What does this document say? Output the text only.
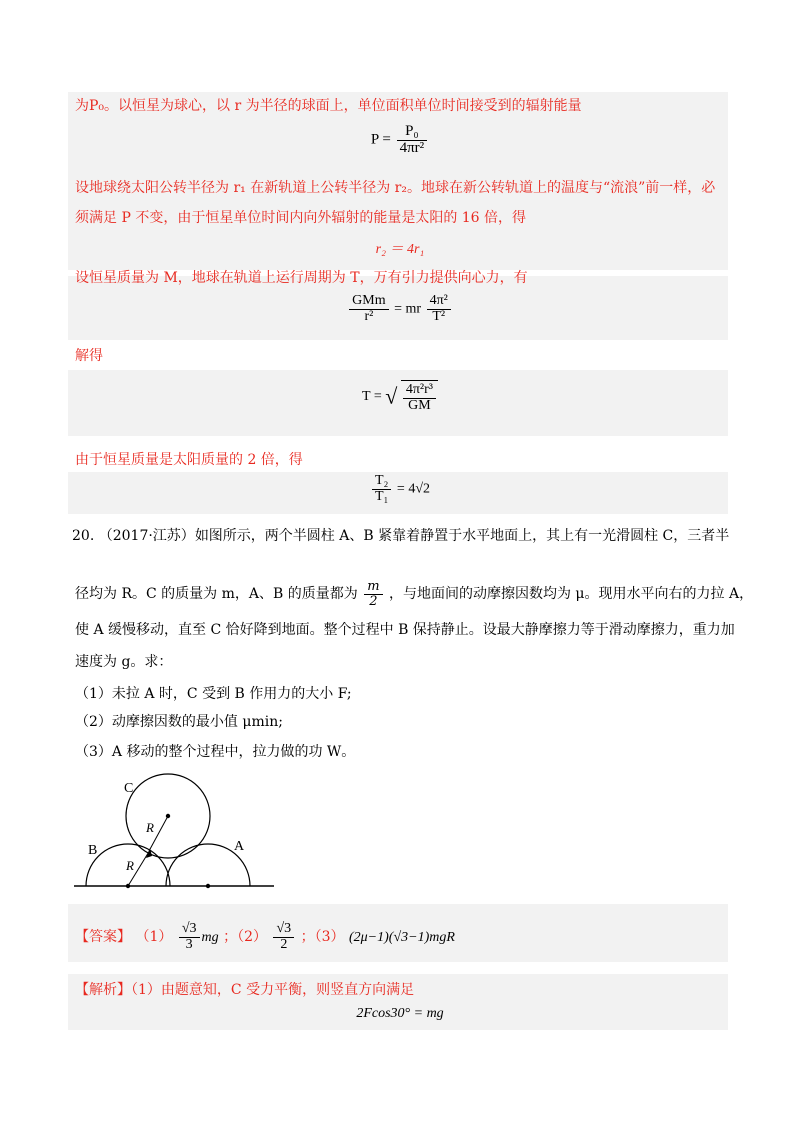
为P₀。以恒星为球心，以 r 为半径的球面上，单位面积单位时间接受到的辐射能量
$P = \frac{\text{P₀}}{\text{4πr²}}$
设地球绕太阳公转半径为 r₁ 在新轨道上公转半径为 r₂。地球在新公转轨道上的温度与“流浪”前一样，必
须满足 P 不变，由于恒星单位时间内向外辐射的能量是太阳的 16 倍，得
r₂ ＝ 4r₁
设恒星质量为 M，地球在轨道上运行周期为 T，万有引力提供向心力，有
$\frac{\text{GMm}}{\text{r²}}$ = mr $\frac{\text{4π²}}{\text{T²}}$
解得
T = √ $\frac{\text{4π²r³}}{GM}$
由于恒星质量是太阳质量的 2 倍，得
$\frac{\text{T₂}}{\text{T₁}} = 4√2$
20. （2017·江苏）如图所示，两个半圆柱 A、B 紧靠着静置于水平地面上，其上有一光滑圆柱 C，三者半
径均为 R。C 的质量为 m，A、B 的质量都为 $\frac{m}{2}$ ，与地面间的动摩擦因数均为 μ。现用水平向右的力拉 A，
使 A 缓慢移动，直至 C 恰好降到地面。整个过程中 B 保持静止。设最大静摩擦力等于滑动摩擦力，重力加
速度为 g。求：
（1）未拉 A 时，C 受到 B 作用力的大小 F;
（2）动摩擦因数的最小值 μmin;
（3）A 移动的整个过程中，拉力做的功 W。
C
B	A
R
R
【答案】 $(1) \frac{√3}{3}$ mg ；$(2) \frac{√3}{2}$ ；（3） (2μ−1)(√3−1)mgR
【解析】（1）由题意知，C 受力平衡，则竖直方向满足
2Fcos30° = mg
